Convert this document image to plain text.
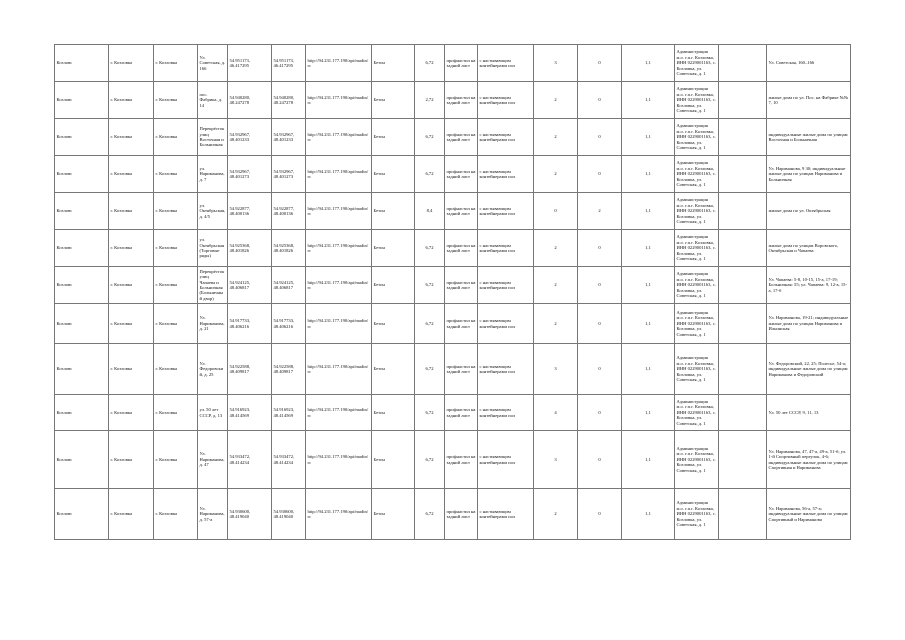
Козловс	г. Козловка	г. Козловка	Ул. Советская, д. 166	54.951173, 46.417295	54.951173, 46.417295	http://94.231.177.190/api/madin/rc	Бетон	6,72	профнастил на задний лист	с настывающим контейнерами пол	3	0	1,1	Администрация м.о. г.п.г. Козловка, ИНН 0229001163, с. Козловка, ул. Советская, д. 1		Ул. Советская, 160–166
Козловс	г. Козловка	г. Козловка	пос. Фабрика, д. 14	54.940280, 48.247278	54.940280, 48.247278	http://94.231.177.190/api/madin/rc	Бетон	2,72	профнастил на задний лист	с настывающим контейнерами пол	2	0	1,1	Администрация м.о. г.п.г. Козловка, ИНН 0229001163, с. Козловка, ул. Советская, д. 1		жилые дома по ул. Пос. на Фабрике №№ 7, 10
Козловс	г. Козловка	г. Козловка	Перекрёсток улиц Восточная и Больничная	54.932967, 48.401233	54.932967, 48.401233	http://94.231.177.190/api/madin/rc	Бетон	6,72	профнастил на задний лист	с настывающим контейнерами пол	2	0	1,1	Администрация м.о. г.п.г. Козловка, ИНН 0229001163, с. Козловка, ул. Советская, д. 1		индивидуальные жилые дома по улицам Восточная и Больничная
Козловс	г. Козловка	г. Козловка	ул. Нариманова, д. 7	54.932967, 48.401273	54.932967, 48.401273	http://94.231.177.190/api/madin/rc	Бетон	6,72	профнастил на задний лист	с настывающим контейнерами пол	2	0	1,1	Администрация м.о. г.п.г. Козловка, ИНН 0229001163, с. Козловка, ул. Советская, д. 1		Ул. Нариманова, 9 30; индивидуальные жилые дома по улицам Нариманова и Больничная
Козловс	г. Козловка	г. Козловка	ул. Октябрьская, д. 4/5	54.922877, 48.400136	54.922877, 48.400136	http://94.231.177.190/api/madin/rc	Бетон	8,4	профнастил на задний лист	с настывающим контейнерами пол	0	2	1,1	Администрация м.о. г.п.г. Козловка, ИНН 0229001163, с. Козловка, ул. Советская, д. 1		жилые дома по ул. Октябрьская
Козловс	г. Козловка	г. Козловка	ул. Октябрьская (Торговые ряды)	54.925368, 48.401826	54.925368, 48.401826	http://94.231.177.190/api/madin/rc	Бетон	6,72	профнастил на задний лист	с настывающим контейнерами пол	2	0	1,1	Администрация м.о. г.п.г. Козловка, ИНН 0229001163, с. Козловка, ул. Советская, д. 1		жилые дома по улицам Воровского, Октябрьская и Чапаева
Козловс	г. Козловка	г. Козловка	Перекрёсток улиц Чапаева и Больничная (Больничный двор)	54.924125, 48.406817	54.924125, 48.406817	http://94.231.177.190/api/madin/rc	Бетон	6,72	профнастил на задний лист	с настывающим контейнерами пол	2	0	1,1	Администрация м.о. г.п.г. Козловка, ИНН 0229001163, с. Козловка, ул. Советская, д. 1		Ул. Чапаева: 5-8, 10-15, 15-а, 17-19; Больничная: 55; ул. Чапаева: 9, 12-а, 15-а, 17-б
Козловс	г. Козловка	г. Козловка	Ул. Нариманова, д. 21	54.917733, 48.406216	54.917733, 48.406216	http://94.231.177.190/api/madin/rc	Бетон	6,72	профнастил на задний лист	с настывающим контейнерами пол	2	0	1,1	Администрация м.о. г.п.г. Козловка, ИНН 0229001163, с. Козловка, ул. Советская, д. 1		Ул. Нариманова, 19-21; индивидуальные жилые дома по улицам Нариманова и Ильинская
Козловс	г. Козловка	г. Козловка	Ул. Федоровский, д. 25	54.922588, 48.409817	54.922588, 48.409817	http://94.231.177.190/api/madin/rc	Бетон	6,72	профнастил на задний лист	с настывающим контейнерами пол	3	0	1,1	Администрация м.о. г.п.г. Козловка, ИНН 0229001163, с. Козловка, ул. Советская, д. 1		Ул. Федоровский, 22, 25; Полесье, 54-а; индивидуальные жилые дома по улицам Нариманова и Федоровский
Козловс	г. Козловка	г. Козловка	ул. 50 лет СССР, д. 13	54.916923, 48.414569	54.916923, 48.414569	http://94.231.177.190/api/madin/rc	Бетон	6,72	профнастил на задний лист	с настывающим контейнерами пол	4	0	1,1	Администрация м.о. г.п.г. Козловка, ИНН 0229001163, с. Козловка, ул. Советская, д. 1		Ул. 50 лет СССР, 9, 11, 13
Козловс	г. Козловка	г. Козловка	Ул. Нариманова, д. 47	54.933472, 48.414234	54.933472, 48.414234	http://94.231.177.190/api/madin/rc	Бетон	6,72	профнастил на задний лист	с настывающим контейнерами пол	3	0	1,1	Администрация м.о. г.п.г. Козловка, ИНН 0229001163, с. Козловка, ул. Советская, д. 1		Ул. Нариманова, 47, 47-а, 49-а, 51-б; ул. 1-й Спортивный переулок, 4-6; индивидуальные жилые дома по улицам Спортивная и Нариманова
Козловс	г. Козловка	г. Козловка	Ул. Нариманова, д. 57-а	54.930600, 48.419040	54.930600, 48.419040	http://94.231.177.190/api/madin/rc	Бетон	6,72	профнастил на задний лист	с настывающим контейнерами пол	2	0	1,1	Администрация м.о. г.п.г. Козловка, ИНН 0229001163, с. Козловка, ул. Советская, д. 1		Ул. Нариманова, 56-а, 57-а; индивидуальные жилые дома по улицам Спортивный и Нариманова
